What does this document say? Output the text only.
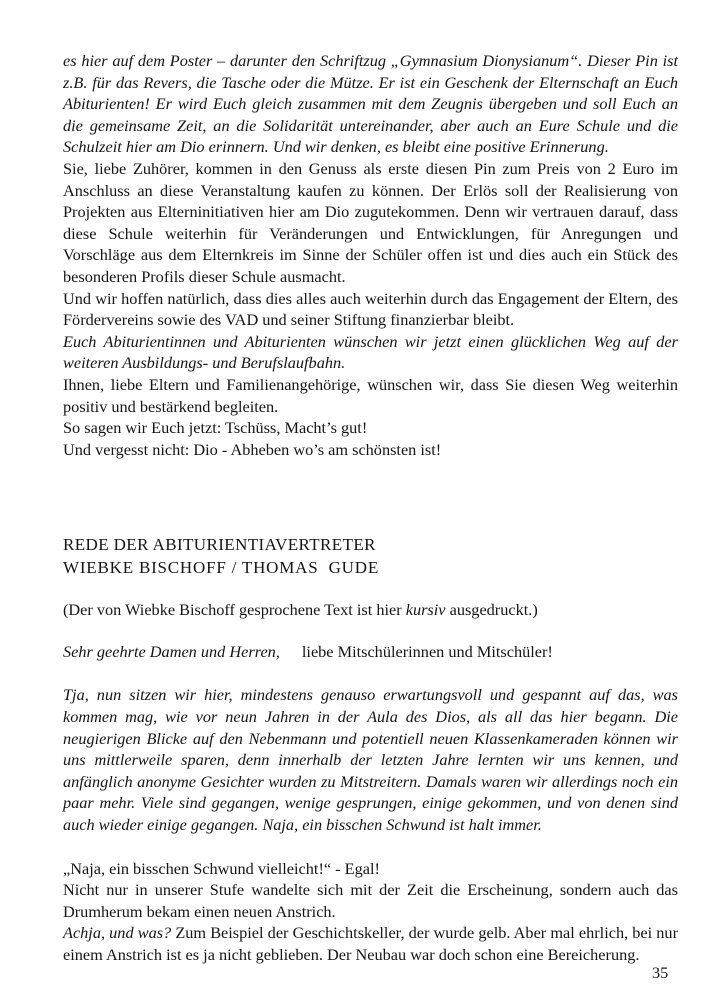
es hier auf dem Poster – darunter den Schriftzug „Gymnasium Dionysianum“. Dieser Pin ist z.B. für das Revers, die Tasche oder die Mütze. Er ist ein Geschenk der Elternschaft an Euch Abiturienten! Er wird Euch gleich zusammen mit dem Zeugnis übergeben und soll Euch an die gemeinsame Zeit, an die Solidarität untereinander, aber auch an Eure Schule und die Schulzeit hier am Dio erinnern. Und wir denken, es bleibt eine positive Erinnerung.

Sie, liebe Zuhörer, kommen in den Genuss als erste diesen Pin zum Preis von 2 Euro im Anschluss an diese Veranstaltung kaufen zu können. Der Erlös soll der Realisierung von Projekten aus Elterninitiativen hier am Dio zugutekommen. Denn wir vertrauen darauf, dass diese Schule weiterhin für Veränderungen und Entwicklungen, für Anregungen und Vorschläge aus dem Elternkreis im Sinne der Schüler offen ist und dies auch ein Stück des besonderen Profils dieser Schule ausmacht.

Und wir hoffen natürlich, dass dies alles auch weiterhin durch das Engagement der Eltern, des Fördervereins sowie des VAD und seiner Stiftung finanzierbar bleibt.

Euch Abiturientinnen und Abiturienten wünschen wir jetzt einen glücklichen Weg auf der weiteren Ausbildungs- und Berufslaufbahn.

Ihnen, liebe Eltern und Familienangehörige, wünschen wir, dass Sie diesen Weg weiterhin positiv und bestärkend begleiten.

So sagen wir Euch jetzt: Tschüss, Macht’s gut!

Und vergesst nicht: Dio - Abheben wo’s am schönsten ist!

REDE DER ABITURIENTIAVERTRETER
WIEBKE BISCHOFF / THOMAS  GUDE

(Der von Wiebke Bischoff gesprochene Text ist hier kursiv ausgedruckt.)

Sehr geehrte Damen und Herren, liebe Mitschülerinnen und Mitschüler!

Tja, nun sitzen wir hier, mindestens genauso erwartungsvoll und gespannt auf das, was kommen mag, wie vor neun Jahren in der Aula des Dios, als all das hier begann. Die neugierigen Blicke auf den Nebenmann und potentiell neuen Klassenkameraden können wir uns mittlerweile sparen, denn innerhalb der letzten Jahre lernten wir uns kennen, und anfänglich anonyme Gesichter wurden zu Mitstreitern. Damals waren wir allerdings noch ein paar mehr. Viele sind gegangen, wenige gesprungen, einige gekommen, und von denen sind auch wieder einige gegangen. Naja, ein bisschen Schwund ist halt immer.

„Naja, ein bisschen Schwund vielleicht!“ - Egal!

Nicht nur in unserer Stufe wandelte sich mit der Zeit die Erscheinung, sondern auch das Drumherum bekam einen neuen Anstrich.

Achja, und was? Zum Beispiel der Geschichtskeller, der wurde gelb. Aber mal ehrlich, bei nur einem Anstrich ist es ja nicht geblieben. Der Neubau war doch schon eine Bereicherung.

35
